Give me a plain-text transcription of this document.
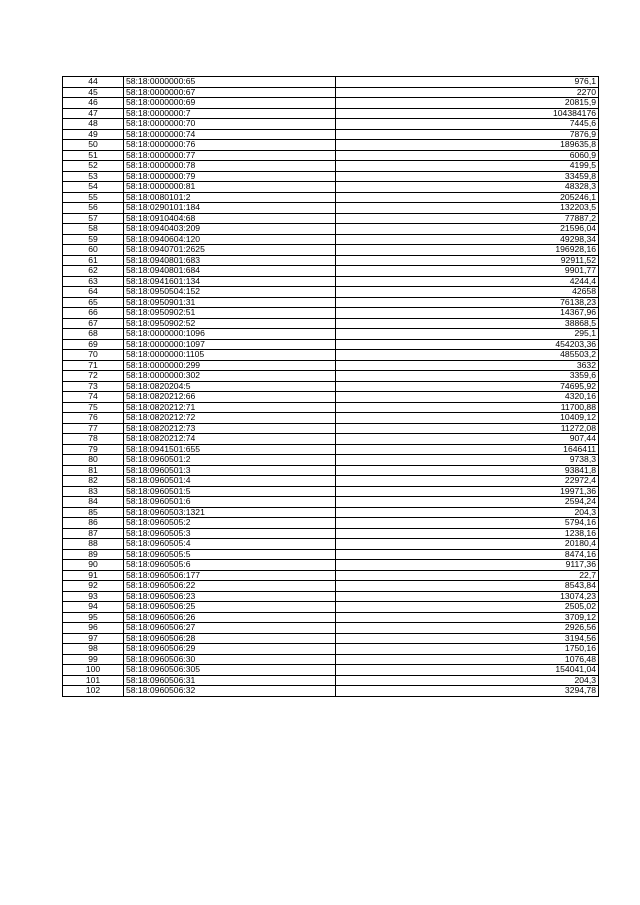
44	58:18:0000000:65	976,1
45	58:18:0000000:67	2270
46	58:18:0000000:69	20815,9
47	58:18:0000000:7	104384176
48	58:18:0000000:70	7445,6
49	58:18:0000000:74	7876,9
50	58:18:0000000:76	189635,8
51	58:18:0000000:77	6060,9
52	58:18:0000000:78	4199,5
53	58:18:0000000:79	33459,8
54	58:18:0000000:81	48328,3
55	58:18:0080101:2	205246,1
56	58:18:0290101:184	132203,5
57	58:18:0910404:68	77887,2
58	58:18:0940403:209	21596,04
59	58:18:0940604:120	49298,34
60	58:18:0940701:2625	196928,16
61	58:18:0940801:683	92911,52
62	58:18:0940801:684	9901,77
63	58:18:0941601:134	4244,4
64	58:18:0950504:152	42658
65	58:18:0950901:31	76138,23
66	58:18:0950902:51	14367,96
67	58:18:0950902:52	38868,5
68	58:18:0000000:1096	295,1
69	58:18:0000000:1097	454203,36
70	58:18:0000000:1105	485503,2
71	58:18:0000000:299	3632
72	58:18:0000000:302	3359,6
73	58:18:0820204:5	74695,92
74	58:18:0820212:66	4320,16
75	58:18:0820212:71	11700,88
76	58:18:0820212:72	10409,12
77	58:18:0820212:73	11272,08
78	58:18:0820212:74	907,44
79	58:18:0941501:655	1646411
80	58:18:0960501:2	9738,3
81	58:18:0960501:3	93841,8
82	58:18:0960501:4	22972,4
83	58:18:0960501:5	19971,36
84	58:18:0960501:6	2594,24
85	58:18:0960503:1321	204,3
86	58:18:0960505:2	5794,16
87	58:18:0960505:3	1238,16
88	58:18:0960505:4	20180,4
89	58:18:0960505:5	8474,16
90	58:18:0960505:6	9117,36
91	58:18:0960506:177	22,7
92	58:18:0960506:22	8543,84
93	58:18:0960506:23	13074,23
94	58:18:0960506:25	2505,02
95	58:18:0960506:26	3709,12
96	58:18:0960506:27	2926,56
97	58:18:0960506:28	3194,56
98	58:18:0960506:29	1750,16
99	58:18:0960506:30	1076,48
100	58:18:0960506:305	154041,04
101	58:18:0960506:31	204,3
102	58:18:0960506:32	3294,78
